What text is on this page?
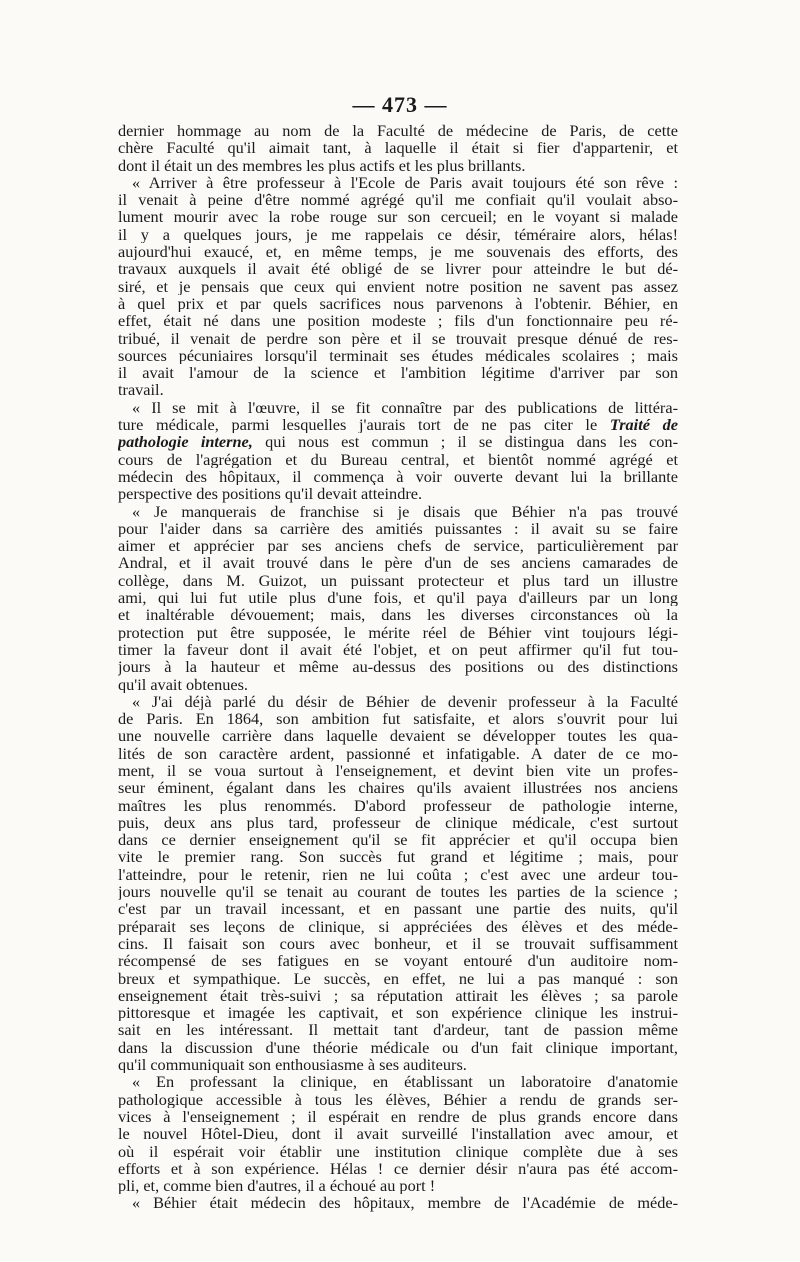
— 473 —
dernier hommage au nom de la Faculté de médecine de Paris, de cette
chère Faculté qu'il aimait tant, à laquelle il était si fier d'appartenir, et
dont il était un des membres les plus actifs et les plus brillants.
« Arriver à être professeur à l'Ecole de Paris avait toujours été son rêve :
il venait à peine d'être nommé agrégé qu'il me confiait qu'il voulait abso-
lument mourir avec la robe rouge sur son cercueil; en le voyant si malade
il y a quelques jours, je me rappelais ce désir, téméraire alors, hélas!
aujourd'hui exaucé, et, en même temps, je me souvenais des efforts, des
travaux auxquels il avait été obligé de se livrer pour atteindre le but dé-
siré, et je pensais que ceux qui envient notre position ne savent pas assez
à quel prix et par quels sacrifices nous parvenons à l'obtenir. Béhier, en
effet, était né dans une position modeste ; fils d'un fonctionnaire peu ré-
tribué, il venait de perdre son père et il se trouvait presque dénué de res-
sources pécuniaires lorsqu'il terminait ses études médicales scolaires ; mais
il avait l'amour de la science et l'ambition légitime d'arriver par son
travail.
« Il se mit à l'œuvre, il se fit connaître par des publications de littéra-
ture médicale, parmi lesquelles j'aurais tort de ne pas citer le Traité de
pathologie interne, qui nous est commun ; il se distingua dans les con-
cours de l'agrégation et du Bureau central, et bientôt nommé agrégé et
médecin des hôpitaux, il commença à voir ouverte devant lui la brillante
perspective des positions qu'il devait atteindre.
« Je manquerais de franchise si je disais que Béhier n'a pas trouvé
pour l'aider dans sa carrière des amitiés puissantes : il avait su se faire
aimer et apprécier par ses anciens chefs de service, particulièrement par
Andral, et il avait trouvé dans le père d'un de ses anciens camarades de
collège, dans M. Guizot, un puissant protecteur et plus tard un illustre
ami, qui lui fut utile plus d'une fois, et qu'il paya d'ailleurs par un long
et inaltérable dévouement; mais, dans les diverses circonstances où la
protection put être supposée, le mérite réel de Béhier vint toujours légi-
timer la faveur dont il avait été l'objet, et on peut affirmer qu'il fut tou-
jours à la hauteur et même au-dessus des positions ou des distinctions
qu'il avait obtenues.
« J'ai déjà parlé du désir de Béhier de devenir professeur à la Faculté
de Paris. En 1864, son ambition fut satisfaite, et alors s'ouvrit pour lui
une nouvelle carrière dans laquelle devaient se développer toutes les qua-
lités de son caractère ardent, passionné et infatigable. A dater de ce mo-
ment, il se voua surtout à l'enseignement, et devint bien vite un profes-
seur éminent, égalant dans les chaires qu'ils avaient illustrées nos anciens
maîtres les plus renommés. D'abord professeur de pathologie interne,
puis, deux ans plus tard, professeur de clinique médicale, c'est surtout
dans ce dernier enseignement qu'il se fit apprécier et qu'il occupa bien
vite le premier rang. Son succès fut grand et légitime ; mais, pour
l'atteindre, pour le retenir, rien ne lui coûta ; c'est avec une ardeur tou-
jours nouvelle qu'il se tenait au courant de toutes les parties de la science ;
c'est par un travail incessant, et en passant une partie des nuits, qu'il
préparait ses leçons de clinique, si appréciées des élèves et des méde-
cins. Il faisait son cours avec bonheur, et il se trouvait suffisamment
récompensé de ses fatigues en se voyant entouré d'un auditoire nom-
breux et sympathique. Le succès, en effet, ne lui a pas manqué : son
enseignement était très-suivi ; sa réputation attirait les élèves ; sa parole
pittoresque et imagée les captivait, et son expérience clinique les instrui-
sait en les intéressant. Il mettait tant d'ardeur, tant de passion même
dans la discussion d'une théorie médicale ou d'un fait clinique important,
qu'il communiquait son enthousiasme à ses auditeurs.
« En professant la clinique, en établissant un laboratoire d'anatomie
pathologique accessible à tous les élèves, Béhier a rendu de grands ser-
vices à l'enseignement ; il espérait en rendre de plus grands encore dans
le nouvel Hôtel-Dieu, dont il avait surveillé l'installation avec amour, et
où il espérait voir établir une institution clinique complète due à ses
efforts et à son expérience. Hélas ! ce dernier désir n'aura pas été accom-
pli, et, comme bien d'autres, il a échoué au port !
« Béhier était médecin des hôpitaux, membre de l'Académie de méde-
